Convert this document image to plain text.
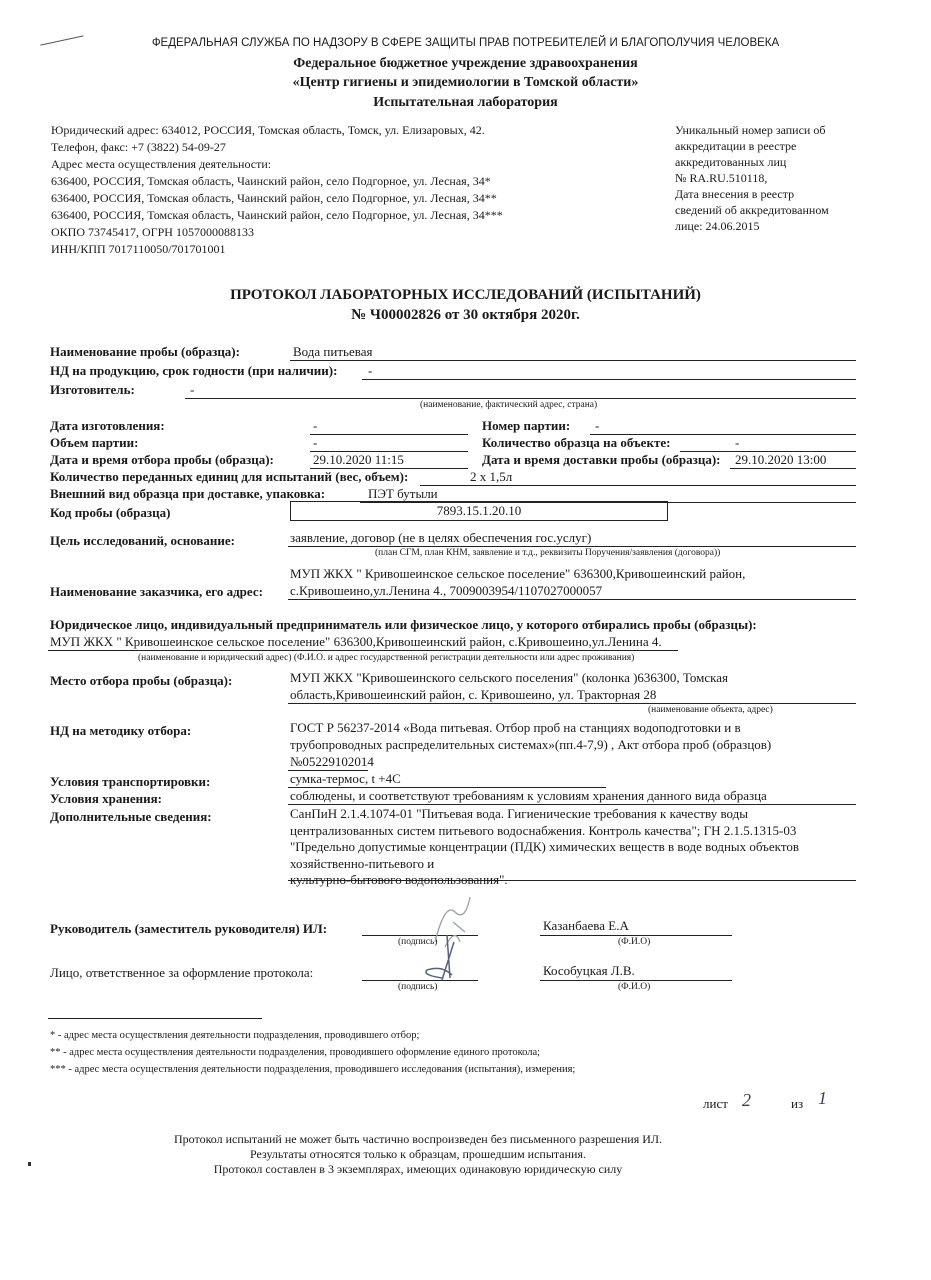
ФЕДЕРАЛЬНАЯ СЛУЖБА ПО НАДЗОРУ В СФЕРЕ ЗАЩИТЫ ПРАВ ПОТРЕБИТЕЛЕЙ И БЛАГОПОЛУЧИЯ ЧЕЛОВЕКА
Федеральное бюджетное учреждение здравоохранения
«Центр гигиены и эпидемиологии в Томской области»
Испытательная лаборатория
Юридический адрес: 634012, РОССИЯ, Томская область, Томск, ул. Елизаровых, 42.
Телефон, факс: +7 (3822) 54-09-27
Адрес места осуществления деятельности:
636400, РОССИЯ, Томская область, Чаинский район, село Подгорное, ул. Лесная, 34*
636400, РОССИЯ, Томская область, Чаинский район, село Подгорное, ул. Лесная, 34**
636400, РОССИЯ, Томская область, Чаинский район, село Подгорное, ул. Лесная, 34***
ОКПО 73745417, ОГРН 1057000088133
ИНН/КПП 7017110050/701701001
Уникальный номер записи об
аккредитации в реестре
аккредитованных лиц
№ RA.RU.510118,
Дата внесения в реестр
сведений об аккредитованном
лице: 24.06.2015
ПРОТОКОЛ ЛАБОРАТОРНЫХ ИССЛЕДОВАНИЙ (ИСПЫТАНИЙ)
№ Ч00002826 от 30 октября 2020г.
Наименование пробы (образца):	Вода питьевая
НД на продукцию, срок годности (при наличии): -
Изготовитель:	-
(наименование, фактический адрес, страна)
Дата изготовления:	-	Номер партии: -
Объем партии:	-	Количество образца на объекте:	-
Дата и время отбора пробы (образца):	29.10.2020 11:15	Дата и время доставки пробы (образца): 29.10.2020 13:00
Количество переданных единиц для испытаний (вес, объем):	2 х 1,5л
Внешний вид образца при доставке, упаковка:	ПЭТ бутыли
Код пробы (образца)	7893.15.1.20.10
Цель исследований, основание:	заявление, договор (не в целях обеспечения гос.услуг)
(план СГМ, план КНМ, заявление и т.д., реквизиты Поручения/заявления (договора))
Наименование заказчика, его адрес:
МУП ЖКХ " Кривошеинское сельское поселение" 636300,Кривошеинский район,
с.Кривошеино,ул.Ленина 4., 7009003954/1107027000057
Юридическое лицо, индивидуальный предприниматель или физическое лицо, у которого отбирались пробы (образцы):
МУП ЖКХ " Кривошеинское сельское поселение" 636300,Кривошеинский район, с.Кривошеино,ул.Ленина 4.
(наименование и юридический адрес) (Ф.И.О. и адрес государственной регистрации деятельности или адрес проживания)
Место отбора пробы (образца):	МУП ЖКХ "Кривошеинского сельского поселения" (колонка )636300, Томская
область,Кривошеинский район, с. Кривошеино, ул. Тракторная 28
(наименование объекта, адрес)
НД на методику отбора:	ГОСТ Р 56237-2014 «Вода питьевая. Отбор проб на станциях водоподготовки и в
трубопроводных распределительных системах»(пп.4-7,9) , Акт отбора проб (образцов)
№05229102014
Условия транспортировки:	сумка-термос, t +4С
Условия хранения:	соблюдены, и соответствуют требованиям к условиям хранения данного вида образца
Дополнительные сведения:	СанПиН 2.1.4.1074-01 "Питьевая вода. Гигиенические требования к качеству воды
централизованных систем питьевого водоснабжения. Контроль качества"; ГН 2.1.5.1315-03
"Предельно допустимые концентрации (ПДК) химических веществ в воде водных объектов
хозяйственно-питьевого и
культурно-бытового водопользования".
Руководитель (заместитель руководителя) ИЛ:
(подпись)
Казанбаева Е.А
(Ф.И.О)
Лицо, ответственное за оформление протокола:
(подпись)
Кособуцкая Л.В.
(Ф.И.О)
* - адрес места осуществления деятельности подразделения, проводившего отбор;
** - адрес места осуществления деятельности подразделения, проводившего оформление единого протокола;
*** - адрес места осуществления деятельности подразделения, проводившего исследования (испытания), измерения;
лист 2	из 1
Протокол испытаний не может быть частично воспроизведен без письменного разрешения ИЛ.
Результаты относятся только к образцам, прошедшим испытания.
Протокол составлен в 3 экземплярах, имеющих одинаковую юридическую силу
